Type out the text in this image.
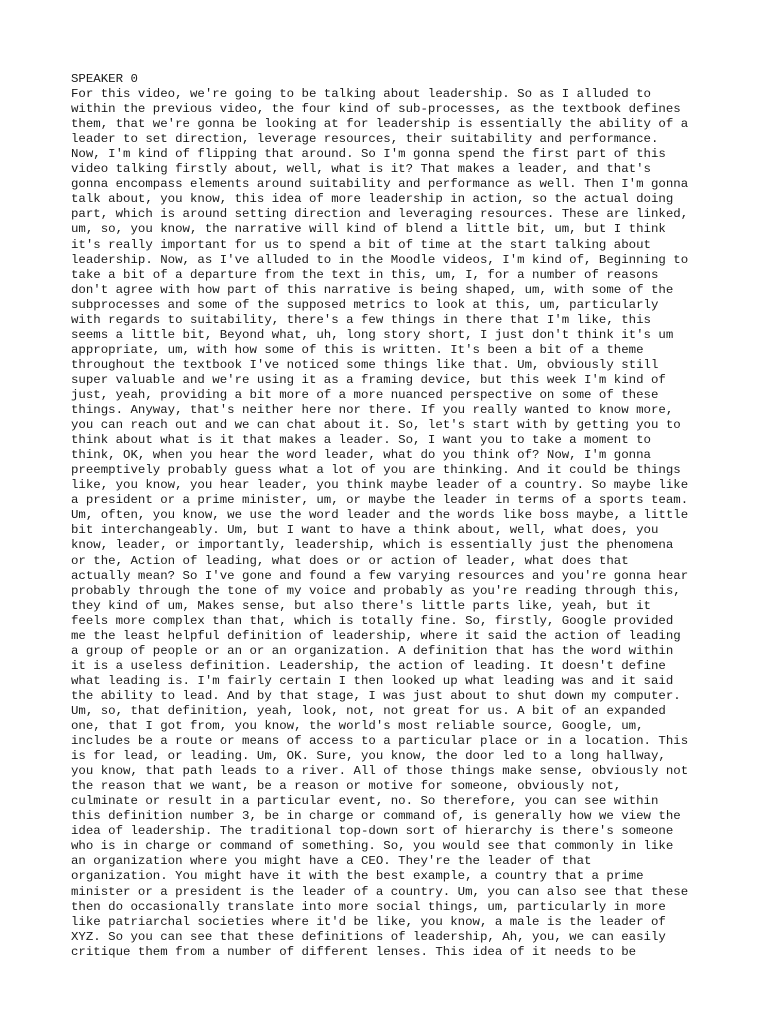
SPEAKER 0
For this video, we're going to be talking about leadership. So as I alluded to
within the previous video, the four kind of sub-processes, as the textbook defines
them, that we're gonna be looking at for leadership is essentially the ability of a
leader to set direction, leverage resources, their suitability and performance.
Now, I'm kind of flipping that around. So I'm gonna spend the first part of this
video talking firstly about, well, what is it? That makes a leader, and that's
gonna encompass elements around suitability and performance as well. Then I'm gonna
talk about, you know, this idea of more leadership in action, so the actual doing
part, which is around setting direction and leveraging resources. These are linked,
um, so, you know, the narrative will kind of blend a little bit, um, but I think
it's really important for us to spend a bit of time at the start talking about
leadership. Now, as I've alluded to in the Moodle videos, I'm kind of, Beginning to
take a bit of a departure from the text in this, um, I, for a number of reasons
don't agree with how part of this narrative is being shaped, um, with some of the
subprocesses and some of the supposed metrics to look at this, um, particularly
with regards to suitability, there's a few things in there that I'm like, this
seems a little bit, Beyond what, uh, long story short, I just don't think it's um
appropriate, um, with how some of this is written. It's been a bit of a theme
throughout the textbook I've noticed some things like that. Um, obviously still
super valuable and we're using it as a framing device, but this week I'm kind of
just, yeah, providing a bit more of a more nuanced perspective on some of these
things. Anyway, that's neither here nor there. If you really wanted to know more,
you can reach out and we can chat about it. So, let's start with by getting you to
think about what is it that makes a leader. So, I want you to take a moment to
think, OK, when you hear the word leader, what do you think of? Now, I'm gonna
preemptively probably guess what a lot of you are thinking. And it could be things
like, you know, you hear leader, you think maybe leader of a country. So maybe like
a president or a prime minister, um, or maybe the leader in terms of a sports team.
Um, often, you know, we use the word leader and the words like boss maybe, a little
bit interchangeably. Um, but I want to have a think about, well, what does, you
know, leader, or importantly, leadership, which is essentially just the phenomena
or the, Action of leading, what does or or action of leader, what does that
actually mean? So I've gone and found a few varying resources and you're gonna hear
probably through the tone of my voice and probably as you're reading through this,
they kind of um, Makes sense, but also there's little parts like, yeah, but it
feels more complex than that, which is totally fine. So, firstly, Google provided
me the least helpful definition of leadership, where it said the action of leading
a group of people or an or an organization. A definition that has the word within
it is a useless definition. Leadership, the action of leading. It doesn't define
what leading is. I'm fairly certain I then looked up what leading was and it said
the ability to lead. And by that stage, I was just about to shut down my computer.
Um, so, that definition, yeah, look, not, not great for us. A bit of an expanded
one, that I got from, you know, the world's most reliable source, Google, um,
includes be a route or means of access to a particular place or in a location. This
is for lead, or leading. Um, OK. Sure, you know, the door led to a long hallway,
you know, that path leads to a river. All of those things make sense, obviously not
the reason that we want, be a reason or motive for someone, obviously not,
culminate or result in a particular event, no. So therefore, you can see within
this definition number 3, be in charge or command of, is generally how we view the
idea of leadership. The traditional top-down sort of hierarchy is there's someone
who is in charge or command of something. So, you would see that commonly in like
an organization where you might have a CEO. They're the leader of that
organization. You might have it with the best example, a country that a prime
minister or a president is the leader of a country. Um, you can also see that these
then do occasionally translate into more social things, um, particularly in more
like patriarchal societies where it'd be like, you know, a male is the leader of
XYZ. So you can see that these definitions of leadership, Ah, you, we can easily
critique them from a number of different lenses. This idea of it needs to be
